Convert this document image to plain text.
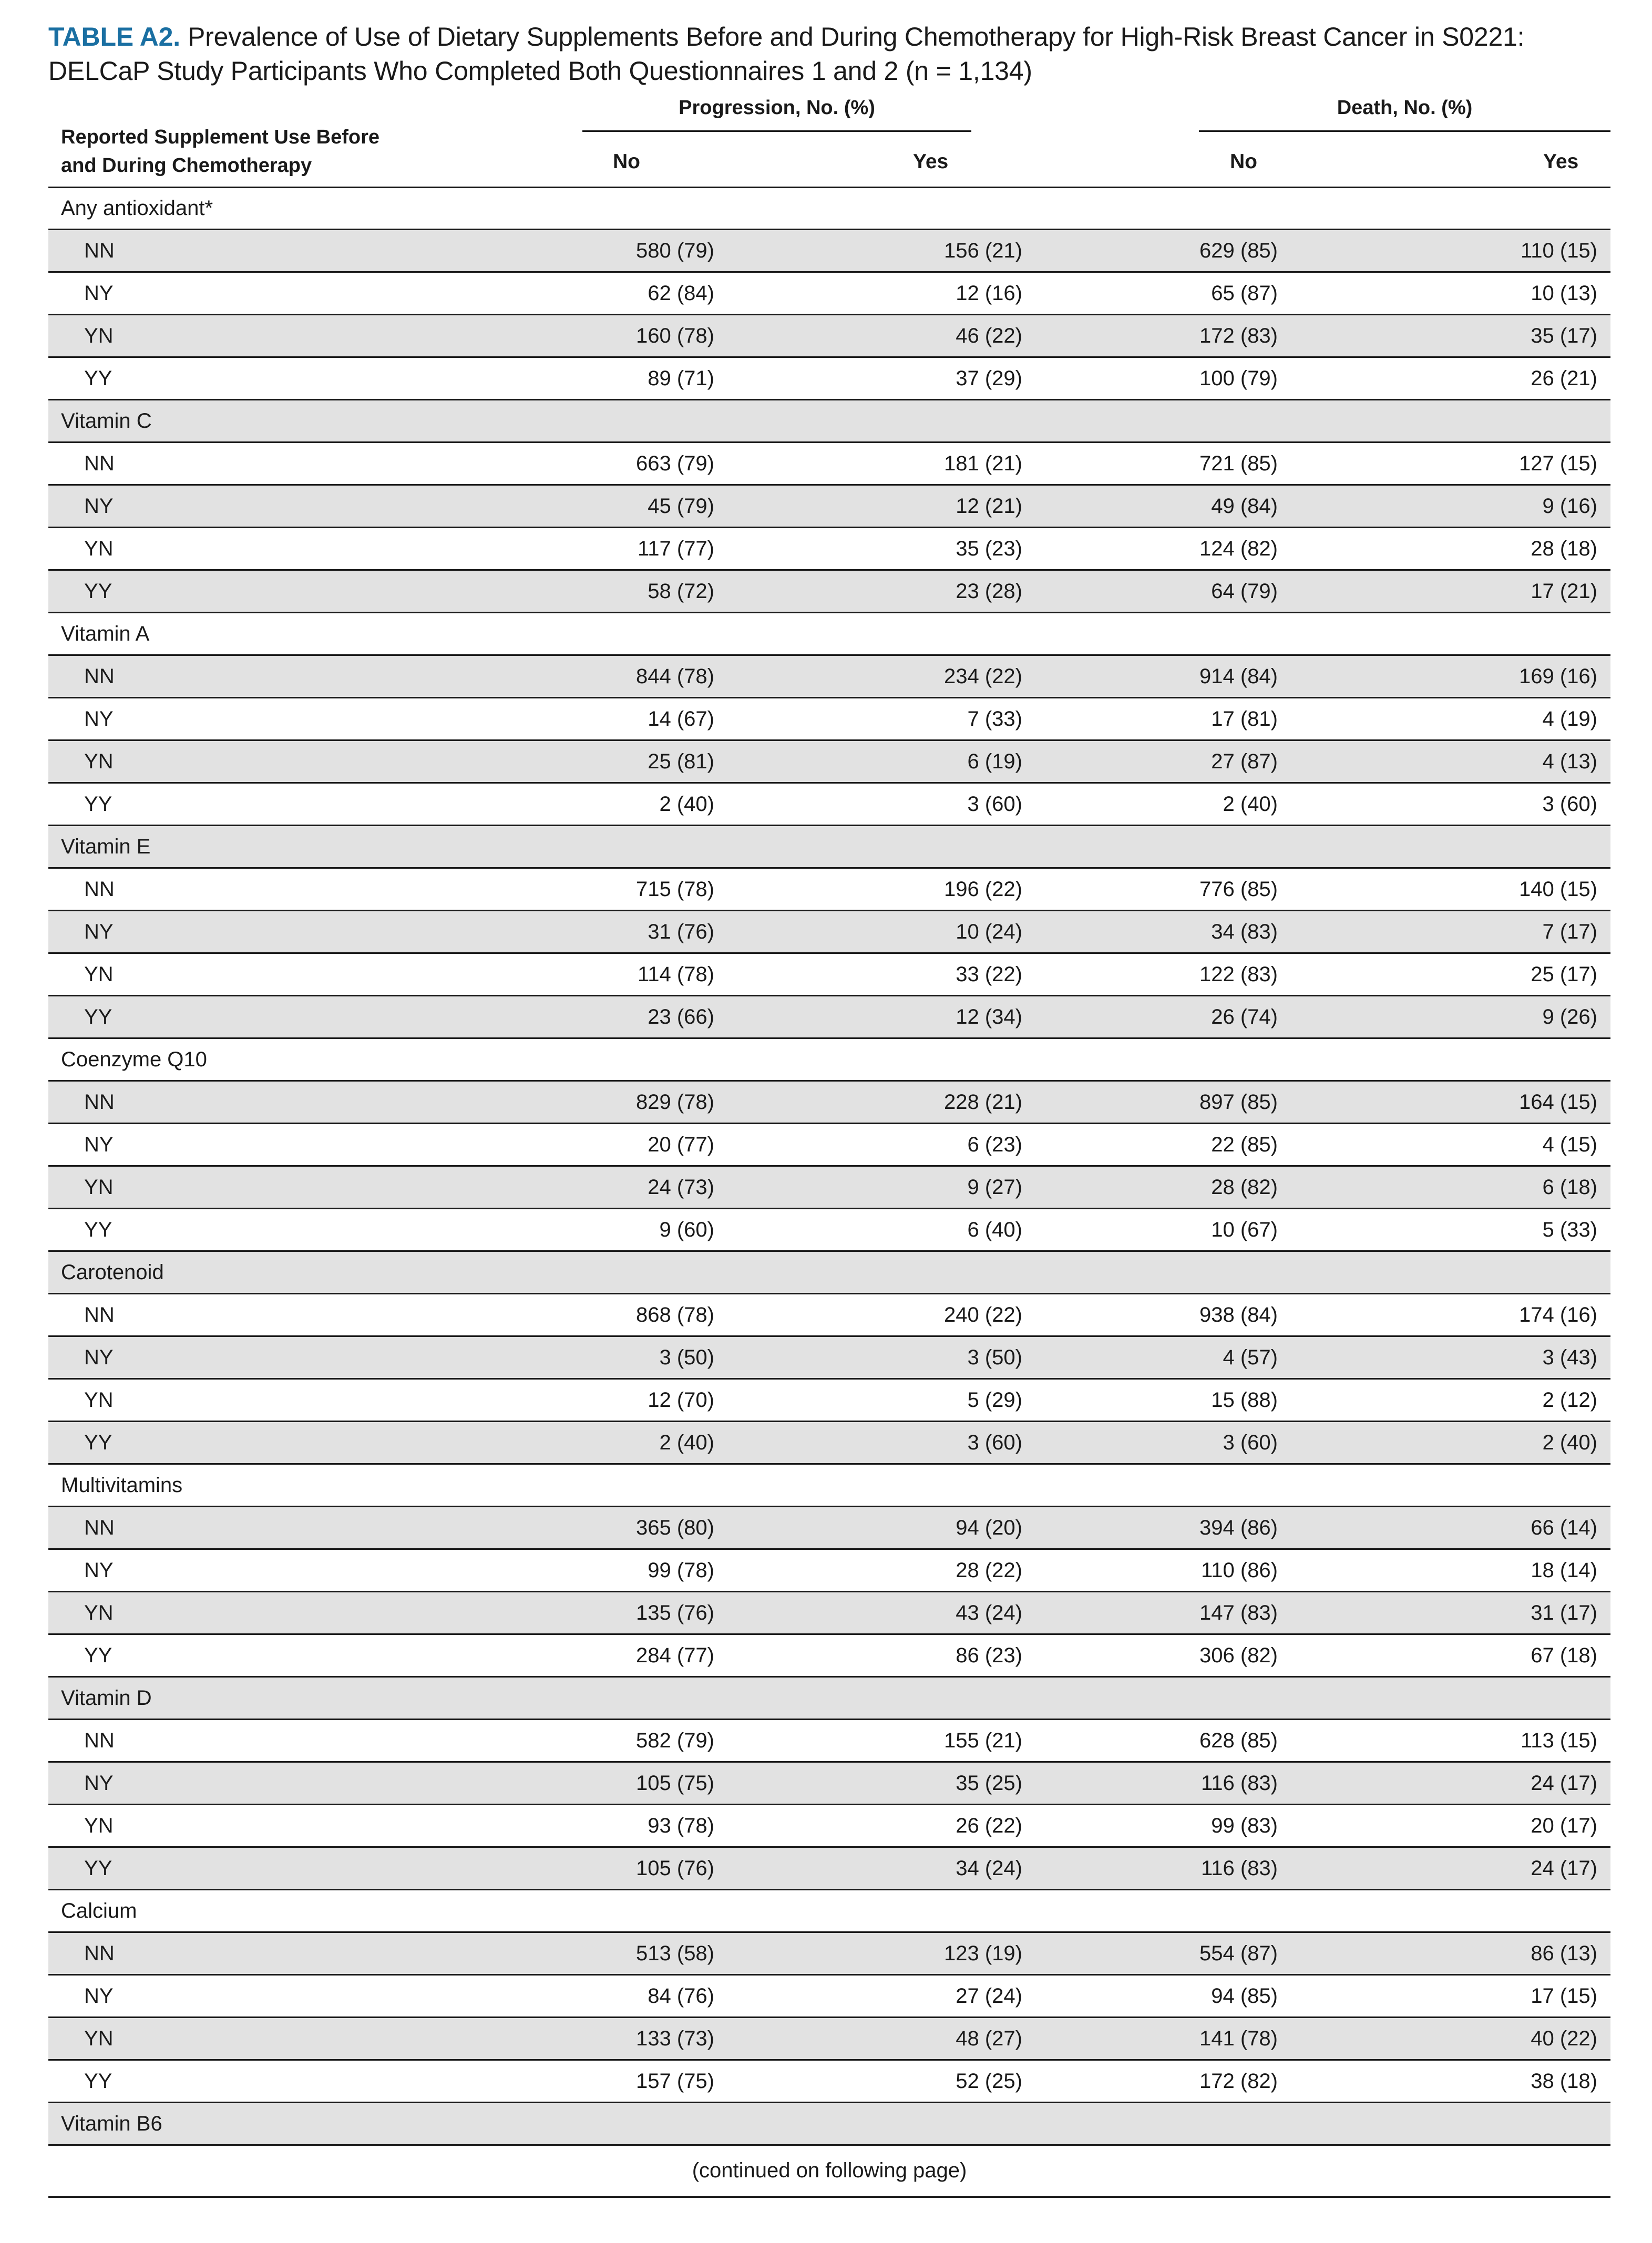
TABLE A2. Prevalence of Use of Dietary Supplements Before and During Chemotherapy for High-Risk Breast Cancer in S0221: DELCaP Study Participants Who Completed Both Questionnaires 1 and 2 (n = 1,134)
Progression, No. (%)	Death, No. (%)
Reported Supplement Use Before
and During Chemotherapy	No	Yes	No	Yes
Any antioxidant*
NN	580 (79)	156 (21)	629 (85)	110 (15)
NY	62 (84)	12 (16)	65 (87)	10 (13)
YN	160 (78)	46 (22)	172 (83)	35 (17)
YY	89 (71)	37 (29)	100 (79)	26 (21)
Vitamin C
NN	663 (79)	181 (21)	721 (85)	127 (15)
NY	45 (79)	12 (21)	49 (84)	9 (16)
YN	117 (77)	35 (23)	124 (82)	28 (18)
YY	58 (72)	23 (28)	64 (79)	17 (21)
Vitamin A
NN	844 (78)	234 (22)	914 (84)	169 (16)
NY	14 (67)	7 (33)	17 (81)	4 (19)
YN	25 (81)	6 (19)	27 (87)	4 (13)
YY	2 (40)	3 (60)	2 (40)	3 (60)
Vitamin E
NN	715 (78)	196 (22)	776 (85)	140 (15)
NY	31 (76)	10 (24)	34 (83)	7 (17)
YN	114 (78)	33 (22)	122 (83)	25 (17)
YY	23 (66)	12 (34)	26 (74)	9 (26)
Coenzyme Q10
NN	829 (78)	228 (21)	897 (85)	164 (15)
NY	20 (77)	6 (23)	22 (85)	4 (15)
YN	24 (73)	9 (27)	28 (82)	6 (18)
YY	9 (60)	6 (40)	10 (67)	5 (33)
Carotenoid
NN	868 (78)	240 (22)	938 (84)	174 (16)
NY	3 (50)	3 (50)	4 (57)	3 (43)
YN	12 (70)	5 (29)	15 (88)	2 (12)
YY	2 (40)	3 (60)	3 (60)	2 (40)
Multivitamins
NN	365 (80)	94 (20)	394 (86)	66 (14)
NY	99 (78)	28 (22)	110 (86)	18 (14)
YN	135 (76)	43 (24)	147 (83)	31 (17)
YY	284 (77)	86 (23)	306 (82)	67 (18)
Vitamin D
NN	582 (79)	155 (21)	628 (85)	113 (15)
NY	105 (75)	35 (25)	116 (83)	24 (17)
YN	93 (78)	26 (22)	99 (83)	20 (17)
YY	105 (76)	34 (24)	116 (83)	24 (17)
Calcium
NN	513 (58)	123 (19)	554 (87)	86 (13)
NY	84 (76)	27 (24)	94 (85)	17 (15)
YN	133 (73)	48 (27)	141 (78)	40 (22)
YY	157 (75)	52 (25)	172 (82)	38 (18)
Vitamin B6
(continued on following page)
